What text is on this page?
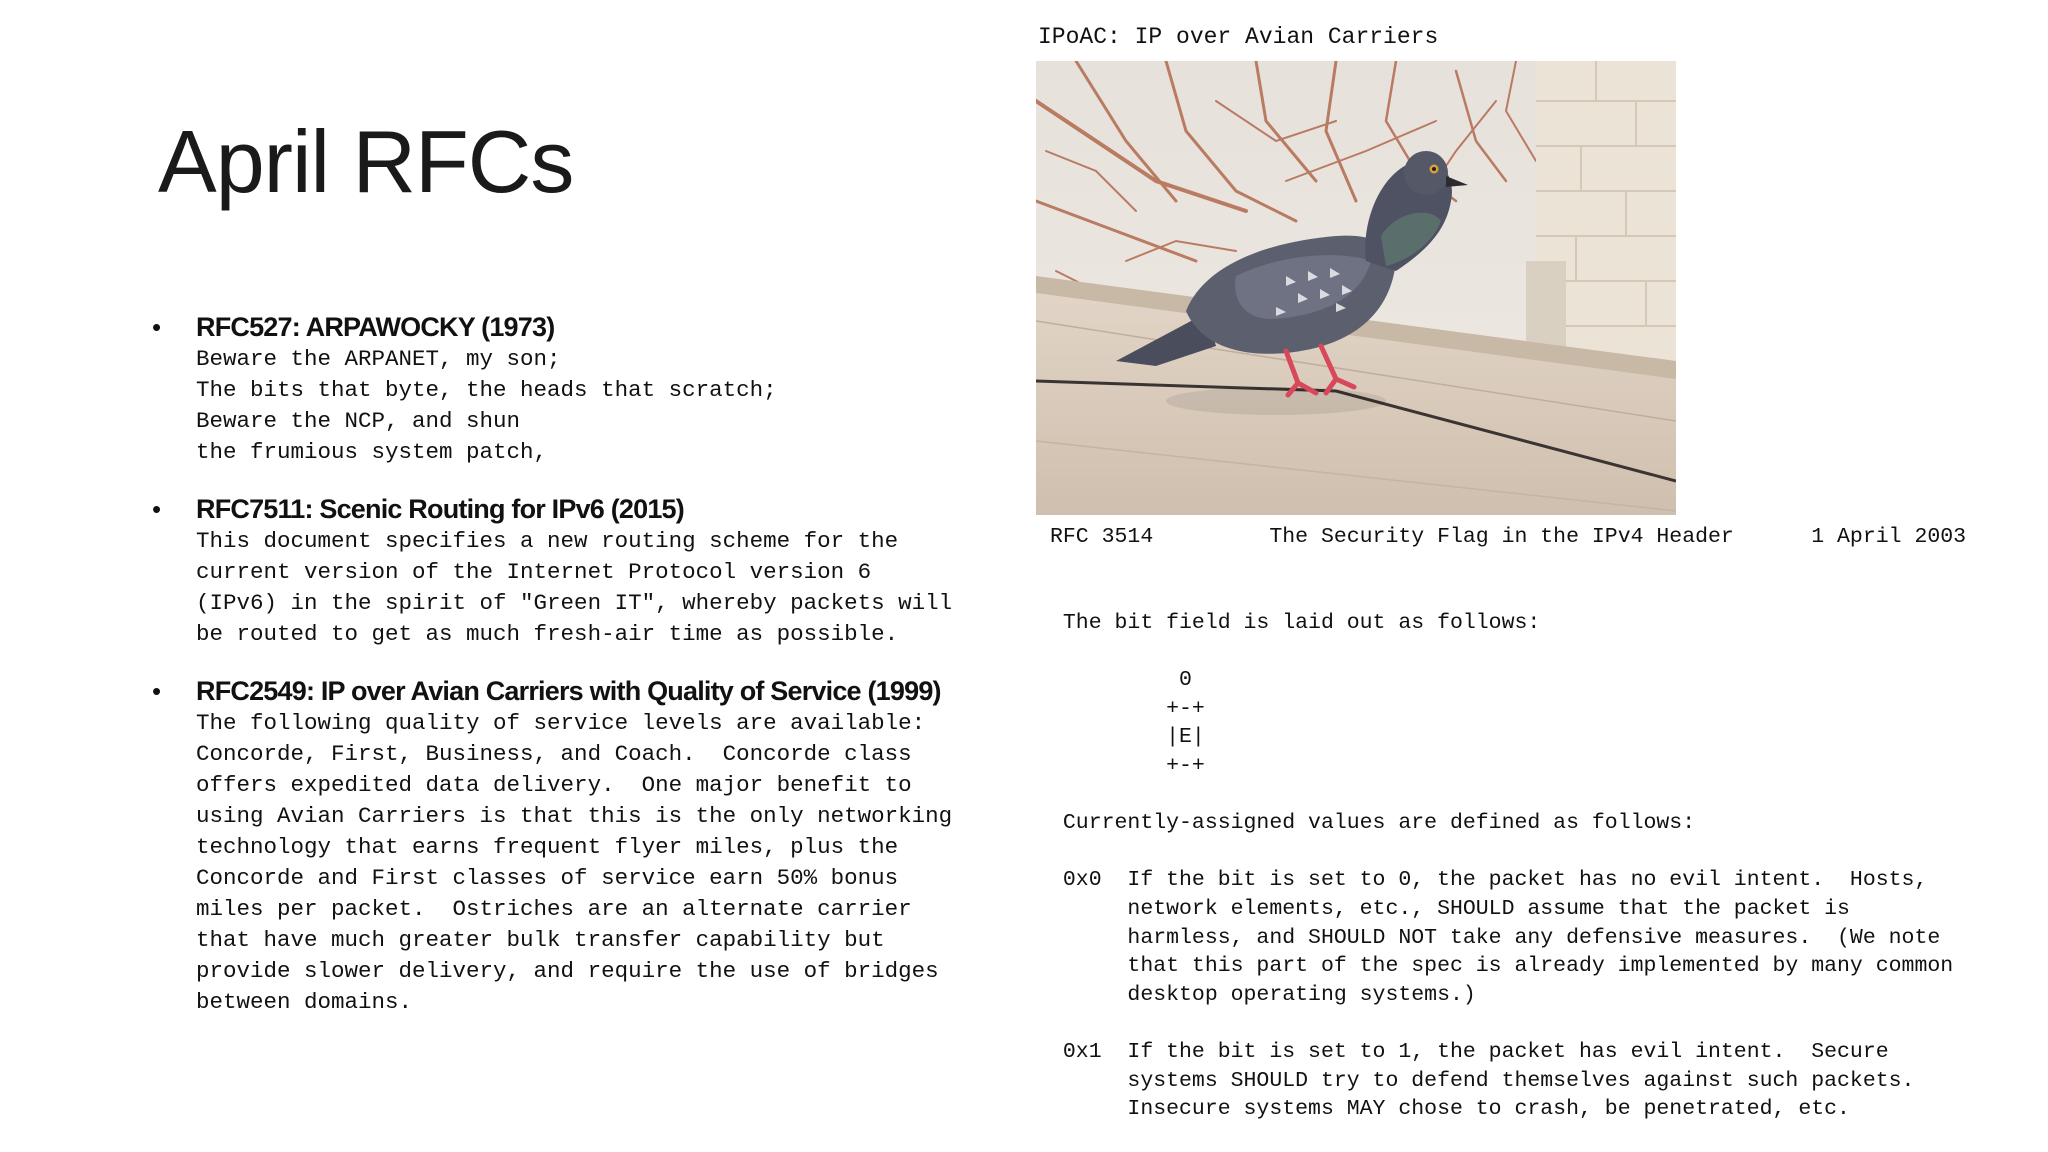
April RFCs
• RFC527: ARPAWOCKY (1973)
Beware the ARPANET, my son;
The bits that byte, the heads that scratch;
Beware the NCP, and shun
the frumious system patch,
• RFC7511: Scenic Routing for IPv6 (2015)
This document specifies a new routing scheme for the
current version of the Internet Protocol version 6
(IPv6) in the spirit of "Green IT", whereby packets will
be routed to get as much fresh-air time as possible.
• RFC2549: IP over Avian Carriers with Quality of Service (1999)
The following quality of service levels are available:
Concorde, First, Business, and Coach.  Concorde class
offers expedited data delivery.  One major benefit to
using Avian Carriers is that this is the only networking
technology that earns frequent flyer miles, plus the
Concorde and First classes of service earn 50% bonus
miles per packet.  Ostriches are an alternate carrier
that have much greater bulk transfer capability but
provide slower delivery, and require the use of bridges
between domains.
IPoAC: IP over Avian Carriers
RFC 3514         The Security Flag in the IPv4 Header      1 April 2003
The bit field is laid out as follows:

0
+-+
|E|
+-+

Currently-assigned values are defined as follows:

0x0  If the bit is set to 0, the packet has no evil intent.  Hosts,
network elements, etc., SHOULD assume that the packet is
harmless, and SHOULD NOT take any defensive measures.  (We note
that this part of the spec is already implemented by many common
desktop operating systems.)

0x1  If the bit is set to 1, the packet has evil intent.  Secure
systems SHOULD try to defend themselves against such packets.
Insecure systems MAY chose to crash, be penetrated, etc.
